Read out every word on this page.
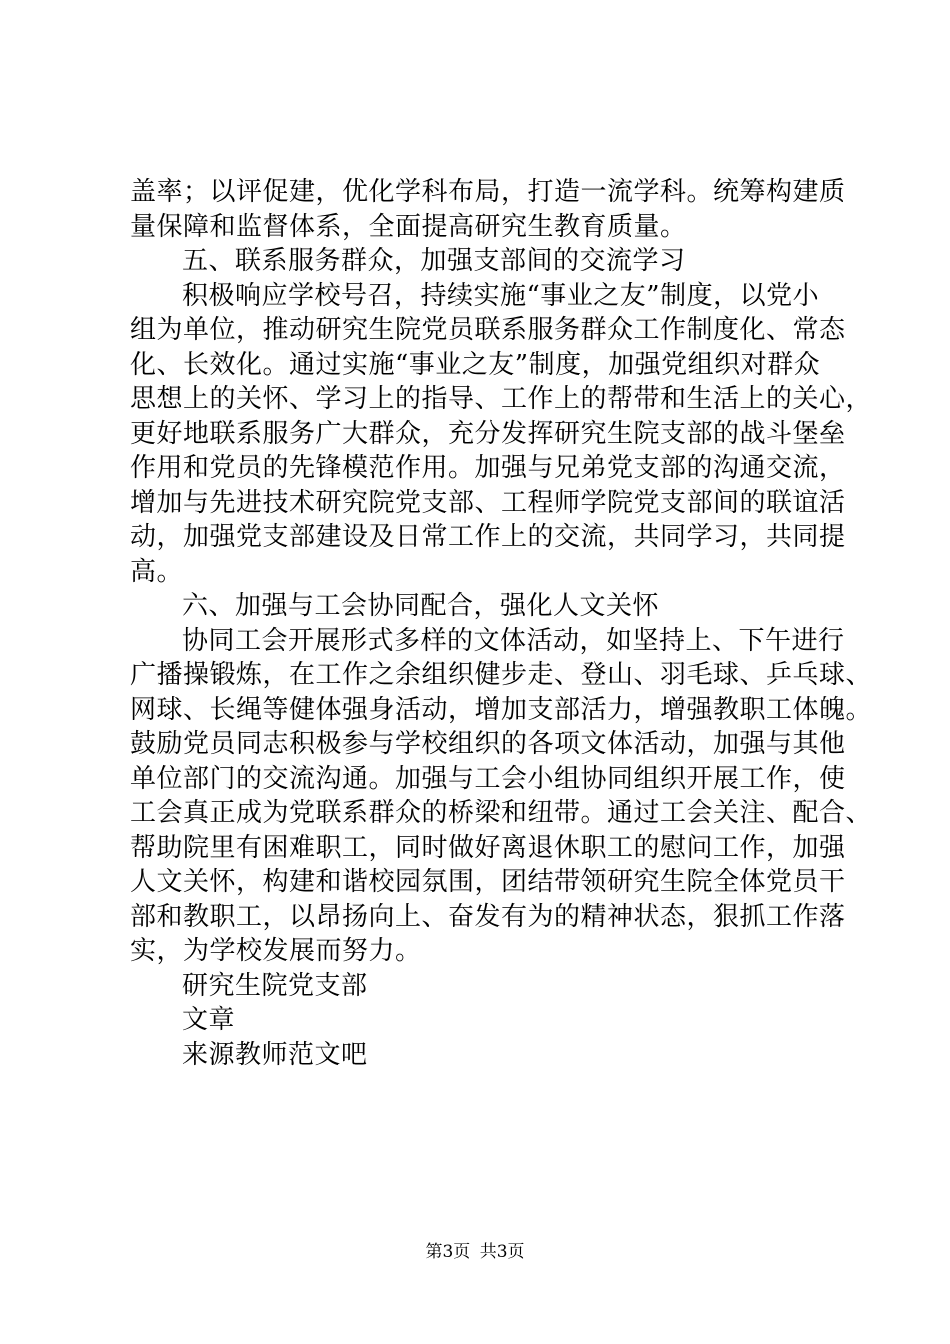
盖率；以评促建，优化学科布局，打造一流学科。统筹构建质
量保障和监督体系，全面提高研究生教育质量。
五、联系服务群众，加强支部间的交流学习
积极响应学校号召，持续实施“事业之友”制度，以党小
组为单位，推动研究生院党员联系服务群众工作制度化、常态
化、长效化。通过实施“事业之友”制度，加强党组织对群众
思想上的关怀、学习上的指导、工作上的帮带和生活上的关心，
更好地联系服务广大群众，充分发挥研究生院支部的战斗堡垒
作用和党员的先锋模范作用。加强与兄弟党支部的沟通交流，
增加与先进技术研究院党支部、工程师学院党支部间的联谊活
动，加强党支部建设及日常工作上的交流，共同学习，共同提
高。
六、加强与工会协同配合，强化人文关怀
协同工会开展形式多样的文体活动，如坚持上、下午进行
广播操锻炼，在工作之余组织健步走、登山、羽毛球、乒乓球、
网球、长绳等健体强身活动，增加支部活力，增强教职工体魄。
鼓励党员同志积极参与学校组织的各项文体活动，加强与其他
单位部门的交流沟通。加强与工会小组协同组织开展工作，使
工会真正成为党联系群众的桥梁和纽带。通过工会关注、配合、
帮助院里有困难职工，同时做好离退休职工的慰问工作，加强
人文关怀，构建和谐校园氛围，团结带领研究生院全体党员干
部和教职工，以昂扬向上、奋发有为的精神状态，狠抓工作落
实，为学校发展而努力。
研究生院党支部
文章
来源教师范文吧
第3页 共3页
